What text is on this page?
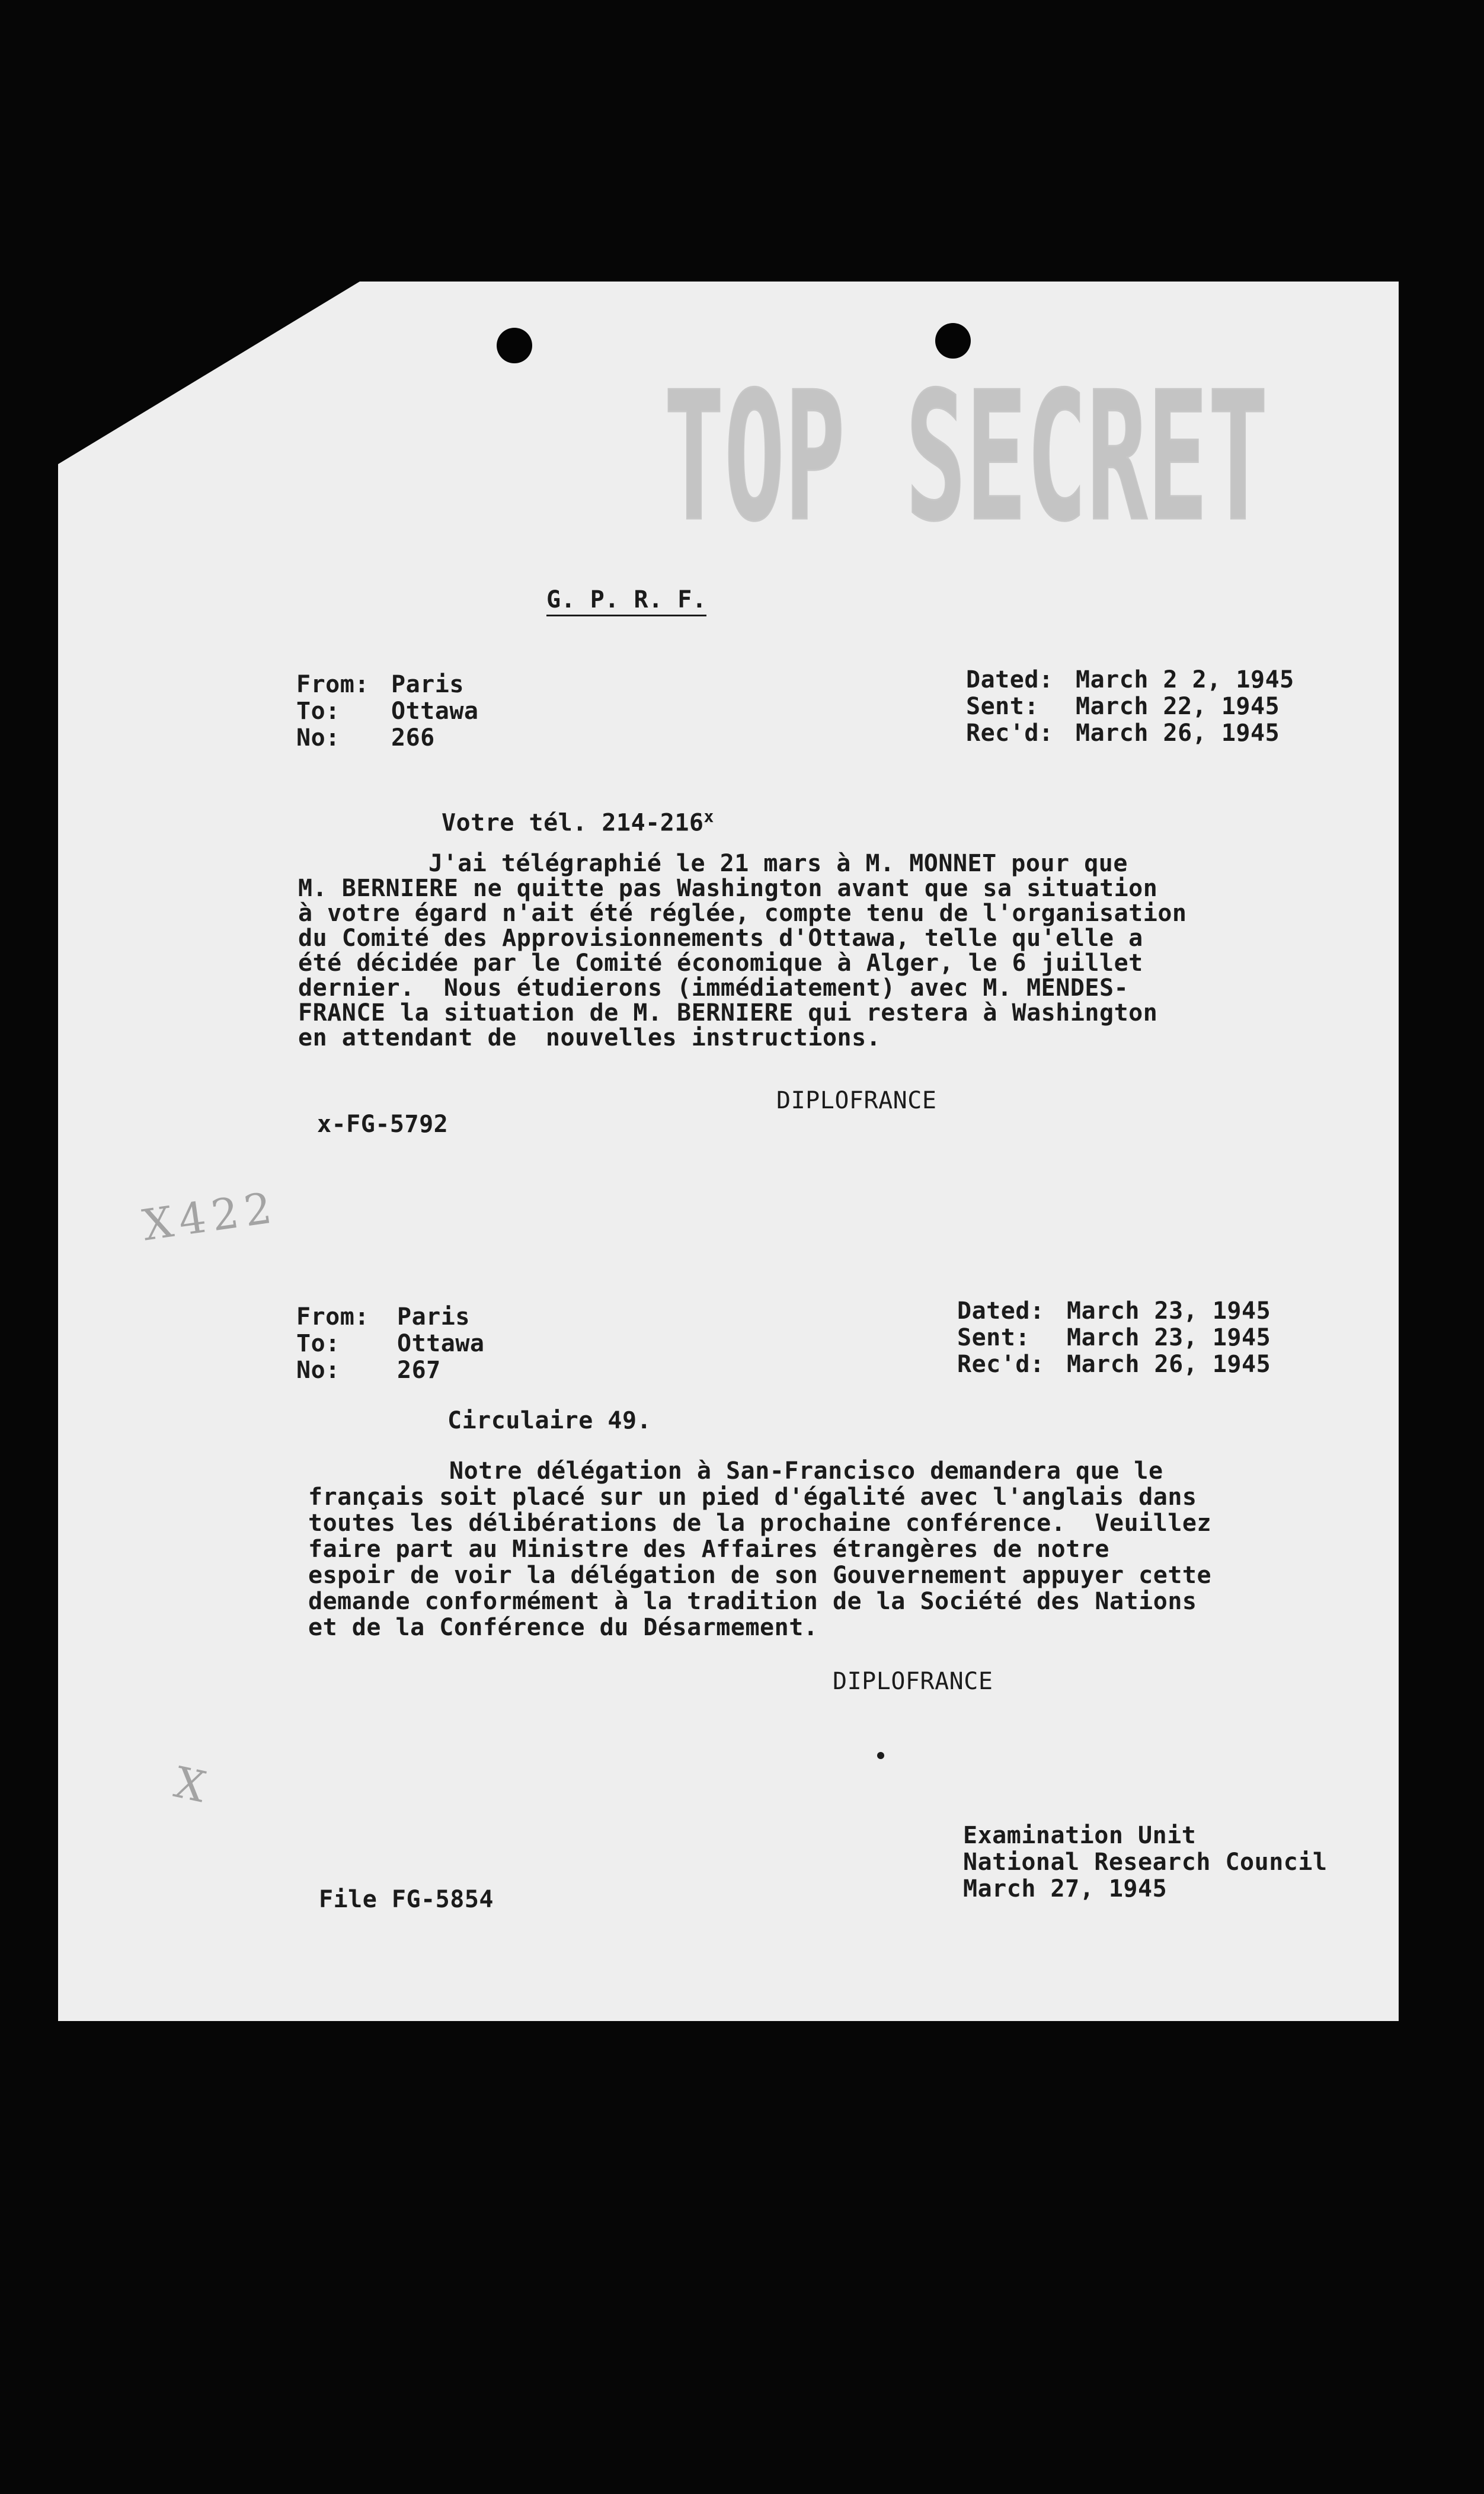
TOP SECRET
G. P. R. F.
From: Paris
To: Ottawa
No: 266
Dated: March 2 2, 1945
Sent: March 22, 1945
Rec'd: March 26, 1945
Votre tél. 214-216$^x$
J'ai télégraphié le 21 mars à M. MONNET pour que
M. BERNIERE ne quitte pas Washington avant que sa situation
à votre égard n'ait été réglée, compte tenu de l'organisation
du Comité des Approvisionnements d'Ottawa, telle qu'elle a
été décidée par le Comité économique à Alger, le 6 juillet
dernier.  Nous étudierons (immédiatement) avec M. MENDES-
FRANCE la situation de M. BERNIERE qui restera à Washington
en attendant de  nouvelles instructions.
DIPLOFRANCE
x-FG-5792
X422
From: Paris
To: Ottawa
No: 267
Dated: March 23, 1945
Sent: March 23, 1945
Rec'd: March 26, 1945
Circulaire 49.
Notre délégation à San-Francisco demandera que le
français soit placé sur un pied d'égalité avec l'anglais dans
toutes les délibérations de la prochaine conférence.  Veuillez
faire part au Ministre des Affaires étrangères de notre
espoir de voir la délégation de son Gouvernement appuyer cette
demande conformément à la tradition de la Société des Nations
et de la Conférence du Désarmement.
DIPLOFRANCE
X
Examination Unit
National Research Council
March 27, 1945
File FG-5854
